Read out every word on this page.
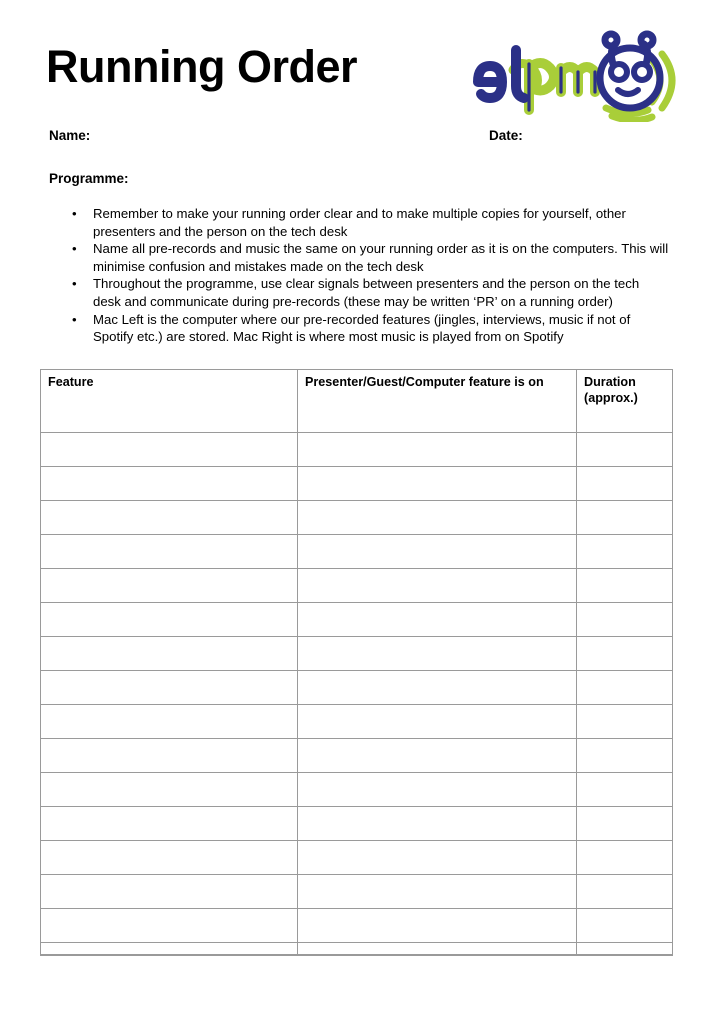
Running Order
Name:	Date:
Programme:
• Remember to make your running order clear and to make multiple copies for yourself, other presenters and the person on the tech desk
• Name all pre-records and music the same on your running order as it is on the computers. This will minimise confusion and mistakes made on the tech desk
• Throughout the programme, use clear signals between presenters and the person on the tech desk and communicate during pre-records (these may be written ‘PR’ on a running order)
• Mac Left is the computer where our pre-recorded features (jingles, interviews, music if not of Spotify etc.) are stored. Mac Right is where most music is played from on Spotify
Feature	Presenter/Guest/Computer feature is on	Duration
(approx.)
